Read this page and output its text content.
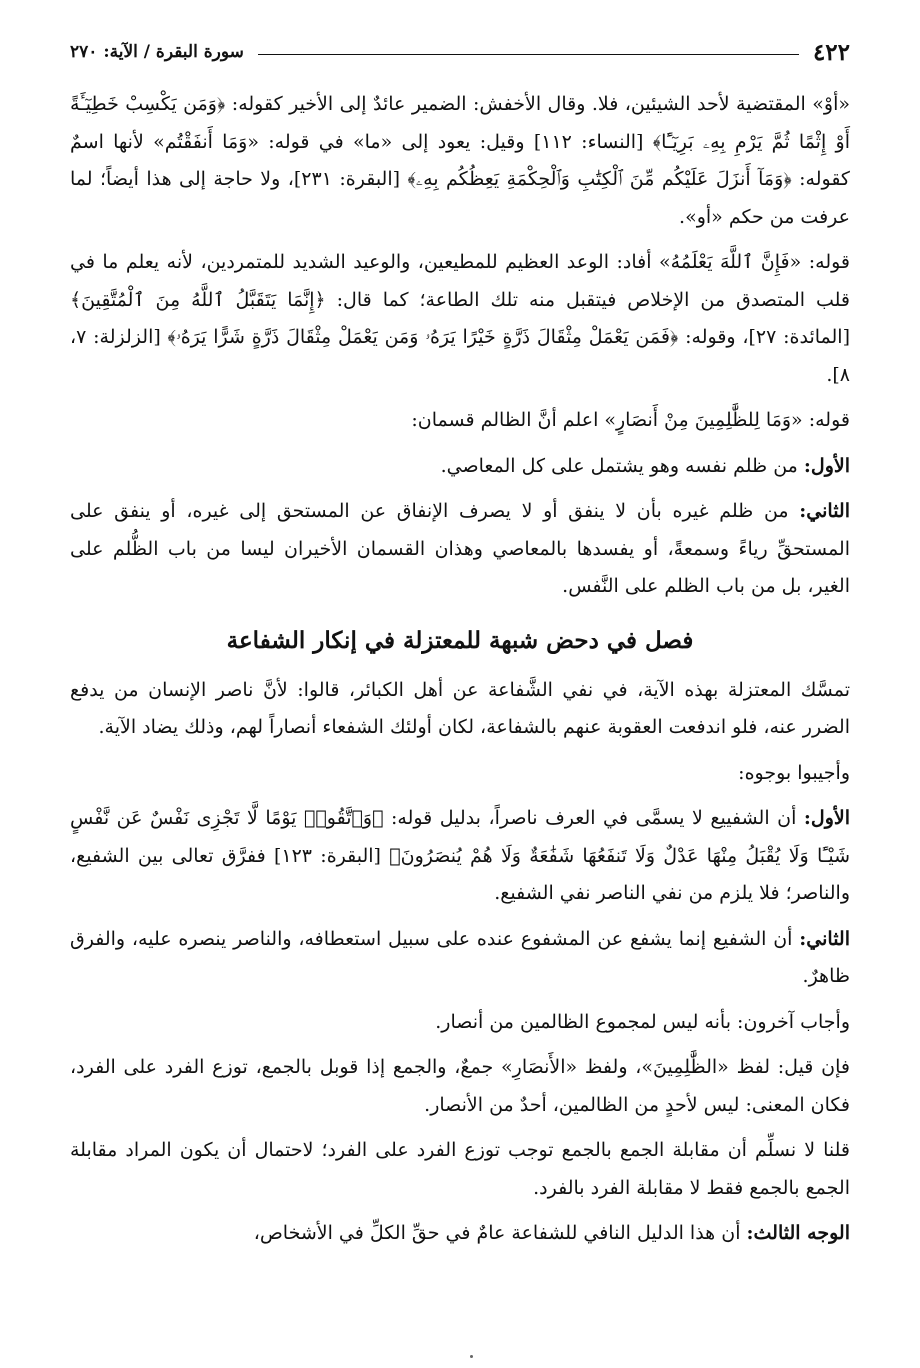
٤٢٢
سورة البقرة / الآية: ٢٧٠

«أوْ» المقتضية لأحد الشيئين، فلا. وقال الأخفش: الضمير عائدٌ إلى الأخير كقوله: ﴿وَمَن يَكْسِبْ خَطِيٓـَٔةً أَوْ إِثْمًا ثُمَّ يَرْمِ بِهِۦ بَرِيٓـًٔا﴾ [النساء: ١١٢] وقيل: يعود إلى «ما» في قوله: «وَمَا أَنفَقْتُم» لأنها اسمٌ كقوله: ﴿وَمَآ أَنزَلَ عَلَيْكُم مِّنَ ٱلْكِتَٰبِ وَٱلْحِكْمَةِ يَعِظُكُم بِهِۦ﴾ [البقرة: ٢٣١]، ولا حاجة إلى هذا أيضاً؛ لما عرفت من حكم «أو».

قوله: «فَإِنَّ ٱللَّهَ يَعْلَمُهُ» أفاد: الوعد العظيم للمطيعين، والوعيد الشديد للمتمردين، لأنه يعلم ما في قلب المتصدق من الإخلاص فيتقبل منه تلك الطاعة؛ كما قال: ﴿إِنَّمَا يَتَقَبَّلُ ٱللَّهُ مِنَ ٱلْمُتَّقِينَ﴾ [المائدة: ٢٧]، وقوله: ﴿فَمَن يَعْمَلْ مِثْقَالَ ذَرَّةٍ خَيْرًا يَرَهُۥ وَمَن يَعْمَلْ مِثْقَالَ ذَرَّةٍ شَرًّا يَرَهُۥ﴾ [الزلزلة: ٧، ٨].

قوله: «وَمَا لِلظَّٰلِمِينَ مِنْ أَنصَارٍ» اعلم أنَّ الظالم قسمان:

الأول: من ظلم نفسه وهو يشتمل على كل المعاصي.

الثاني: من ظلم غيره بأن لا ينفق أو لا يصرف الإنفاق عن المستحق إلى غيره، أو ينفق على المستحقِّ رياءً وسمعةً، أو يفسدها بالمعاصي وهذان القسمان الأخيران ليسا من باب الظُّلم على الغير، بل من باب الظلم على النَّفس.

فصل في دحض شبهة للمعتزلة في إنكار الشفاعة

تمسَّك المعتزلة بهذه الآية، في نفي الشَّفاعة عن أهل الكبائر، قالوا: لأنَّ ناصر الإنسان من يدفع الضرر عنه، فلو اندفعت العقوبة عنهم بالشفاعة، لكان أولئك الشفعاء أنصاراً لهم، وذلك يضاد الآية.

وأجيبوا بوجوه:

الأول: أن الشفييع لا يسمَّى في العرف ناصراً، بدليل قوله: ﴿وَٱتَّقُوا۟ يَوْمًا لَّا تَجْزِى نَفْسٌ عَن نَّفْسٍ شَيْـًٔا وَلَا يُقْبَلُ مِنْهَا عَدْلٌ وَلَا تَنفَعُهَا شَفَٰعَةٌ وَلَا هُمْ يُنصَرُونَ﴾ [البقرة: ١٢٣] ففرَّق تعالى بين الشفيع، والناصر؛ فلا يلزم من نفي الناصر نفي الشفيع.

الثاني: أن الشفيع إنما يشفع عن المشفوع عنده على سبيل استعطافه، والناصر ينصره عليه، والفرق ظاهرٌ.

وأجاب آخرون: بأنه ليس لمجموع الظالمين من أنصار.

فإن قيل: لفظ «الظَّٰلِمِينَ»، ولفظ «الأَنصَارِ» جمعٌ، والجمع إذا قوبل بالجمع، توزع الفرد على الفرد، فكان المعنى: ليس لأحدٍ من الظالمين، أحدٌ من الأنصار.

قلنا لا نسلِّم أن مقابلة الجمع بالجمع توجب توزع الفرد على الفرد؛ لاحتمال أن يكون المراد مقابلة الجمع بالجمع فقط لا مقابلة الفرد بالفرد.

الوجه الثالث: أن هذا الدليل النافي للشفاعة عامٌ في حقِّ الكلِّ في الأشخاص،
